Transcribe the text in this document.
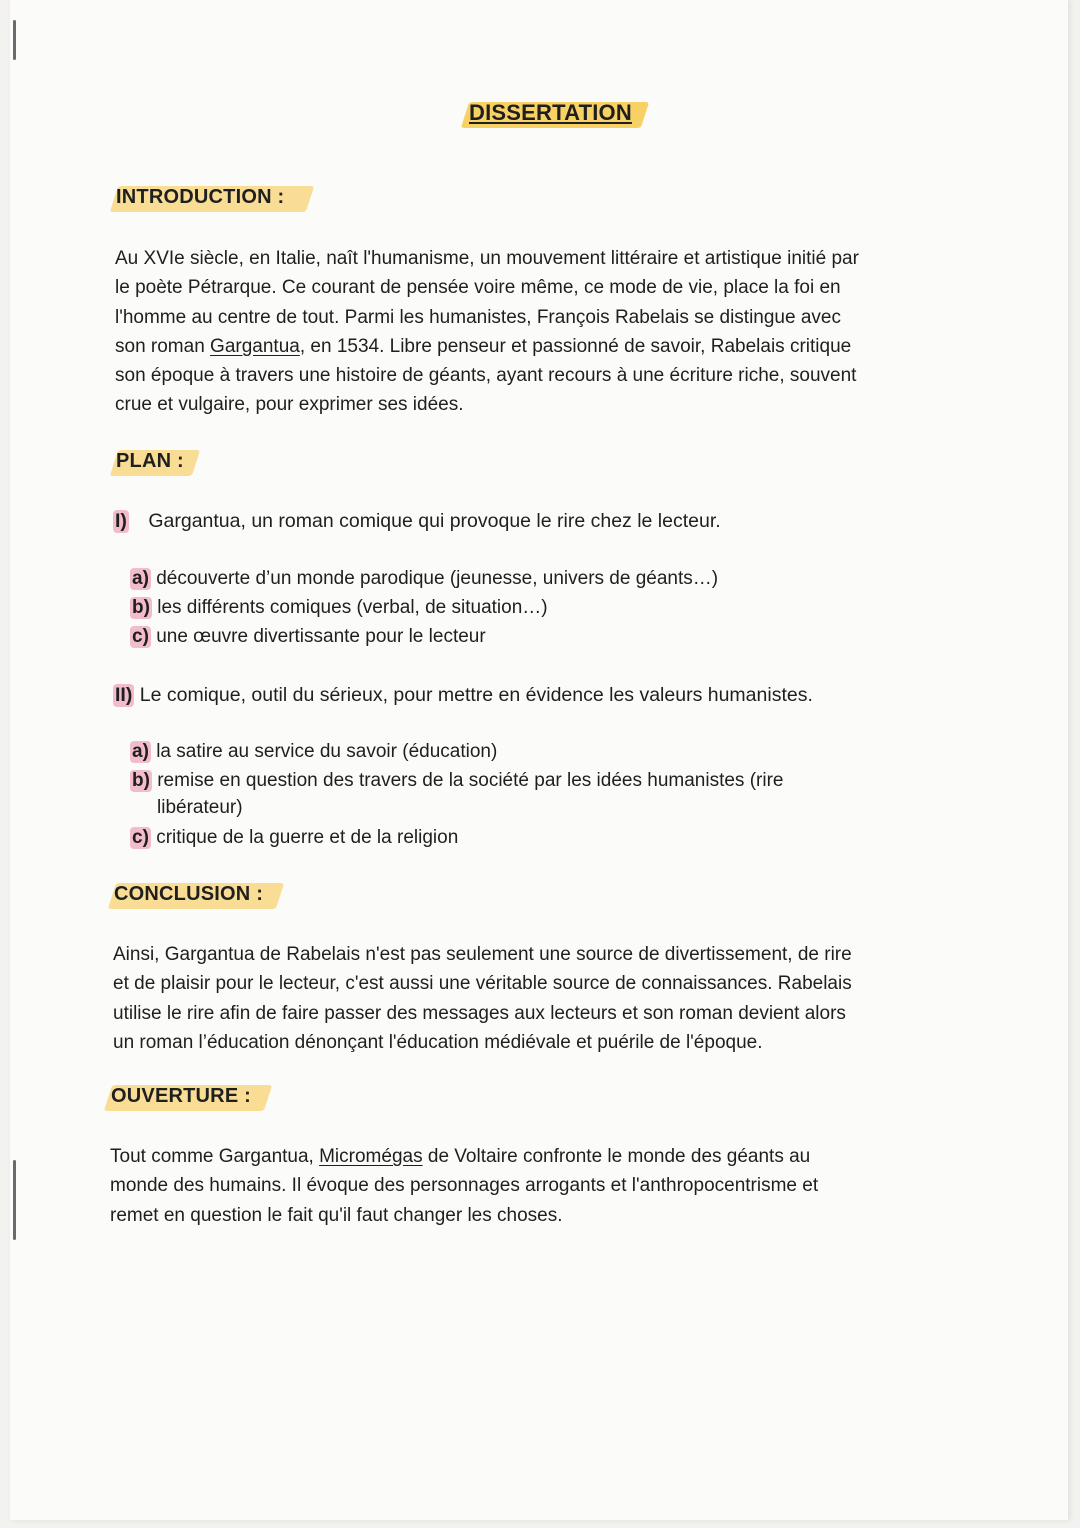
DISSERTATION
INTRODUCTION :
Au XVIe siècle, en Italie, naît l'humanisme, un mouvement littéraire et artistique initié par
le poète Pétrarque. Ce courant de pensée voire même, ce mode de vie, place la foi en
l'homme au centre de tout. Parmi les humanistes, François Rabelais se distingue avec
son roman Gargantua, en 1534. Libre penseur et passionné de savoir, Rabelais critique
son époque à travers une histoire de géants, ayant recours à une écriture riche, souvent
crue et vulgaire, pour exprimer ses idées.
PLAN :
I) Gargantua, un roman comique qui provoque le rire chez le lecteur.
a) découverte d’un monde parodique (jeunesse, univers de géants…)
b) les différents comiques (verbal, de situation…)
c) une œuvre divertissante pour le lecteur
II) Le comique, outil du sérieux, pour mettre en évidence les valeurs humanistes.
a) la satire au service du savoir (éducation)
b) remise en question des travers de la société par les idées humanistes (rire
libérateur)
c) critique de la guerre et de la religion
CONCLUSION :
Ainsi, Gargantua de Rabelais n'est pas seulement une source de divertissement, de rire
et de plaisir pour le lecteur, c'est aussi une véritable source de connaissances. Rabelais
utilise le rire afin de faire passer des messages aux lecteurs et son roman devient alors
un roman l’éducation dénonçant l'éducation médiévale et puérile de l'époque.
OUVERTURE :
Tout comme Gargantua, Micromégas de Voltaire confronte le monde des géants au
monde des humains. Il évoque des personnages arrogants et l'anthropocentrisme et
remet en question le fait qu'il faut changer les choses.
